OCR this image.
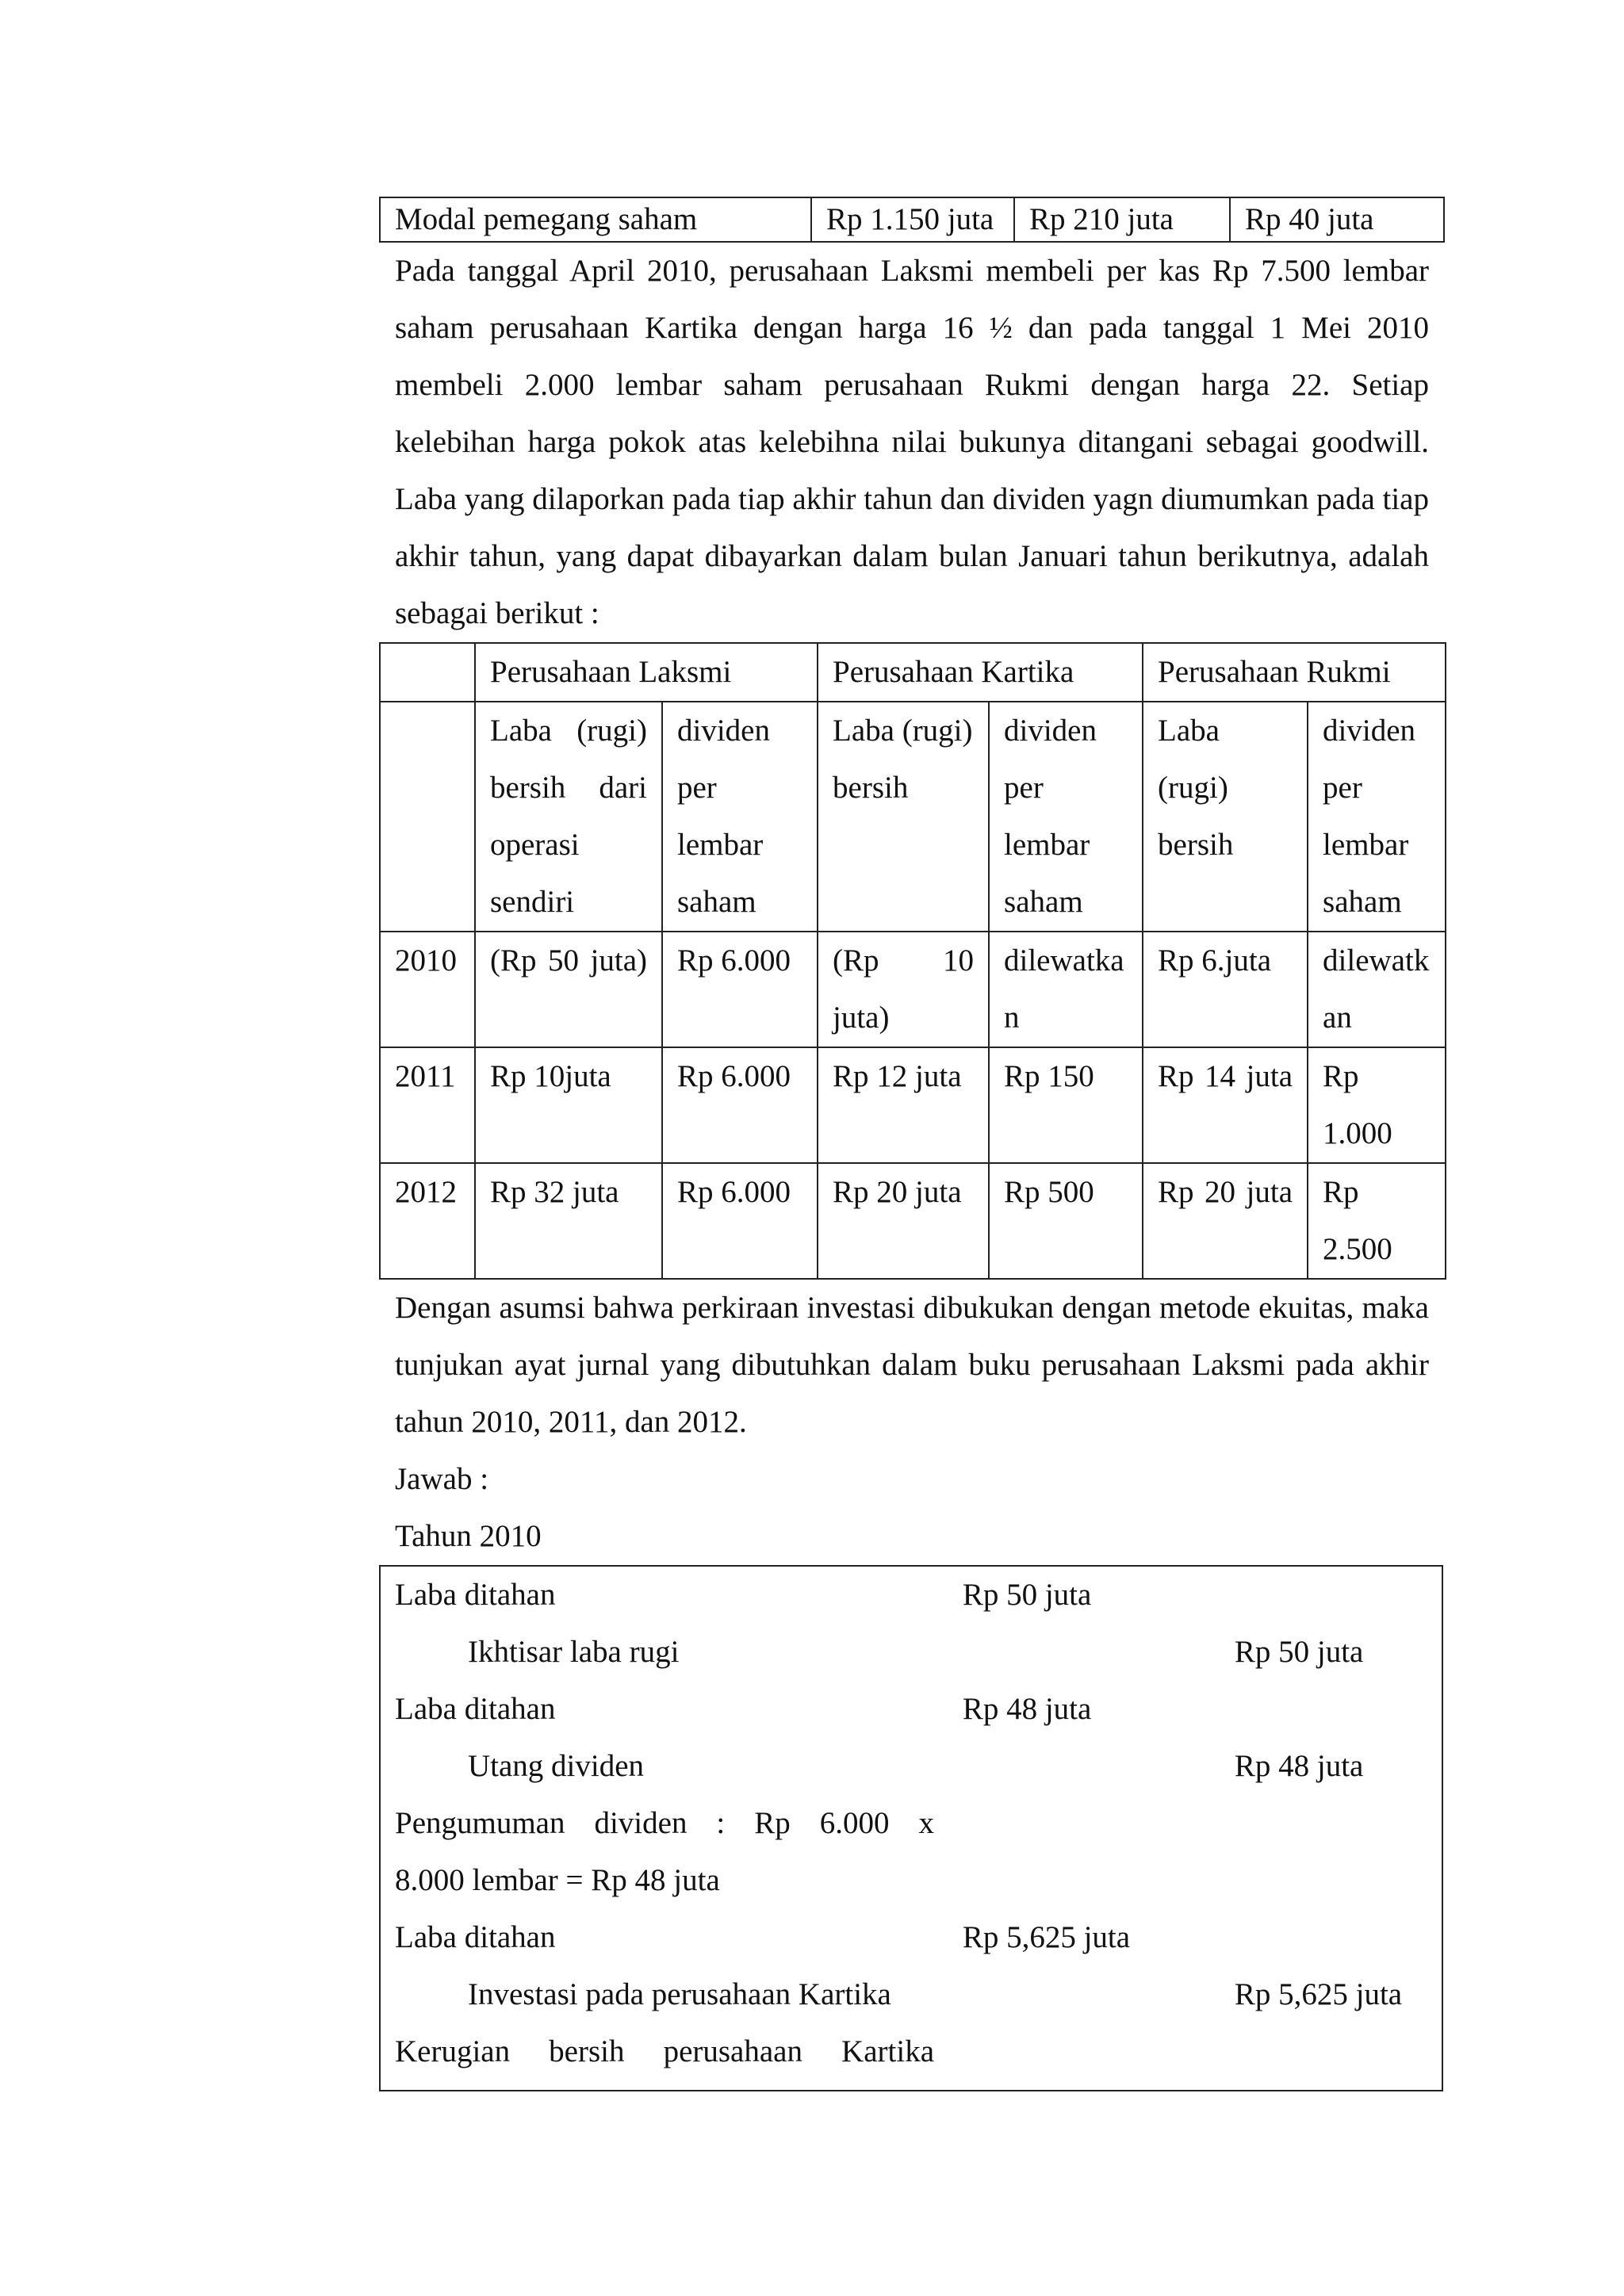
Modal pemegang saham	Rp 1.150 juta	Rp 210 juta	Rp 40 juta

Pada tanggal April 2010, perusahaan Laksmi membeli per kas Rp 7.500 lembar saham perusahaan Kartika dengan harga 16 ½ dan pada tanggal 1 Mei 2010 membeli 2.000 lembar saham perusahaan Rukmi dengan harga 22. Setiap kelebihan harga pokok atas kelebihna nilai bukunya ditangani sebagai goodwill. Laba yang dilaporkan pada tiap akhir tahun dan dividen yagn diumumkan pada tiap akhir tahun, yang dapat dibayarkan dalam bulan Januari tahun berikutnya, adalah sebagai berikut :

	Perusahaan Laksmi		Perusahaan Kartika		Perusahaan Rukmi	
	Laba (rugi) bersih dari operasi sendiri	dividen per lembar saham	Laba (rugi) bersih	dividen per lembar saham	Laba (rugi) bersih	dividen per lembar saham
2010	(Rp 50 juta)	Rp 6.000	(Rp 10 juta)	dilewatkan	Rp 6.juta	dilewatkan
2011	Rp 10juta	Rp 6.000	Rp 12 juta	Rp 150	Rp 14 juta	Rp 1.000
2012	Rp 32 juta	Rp 6.000	Rp 20 juta	Rp 500	Rp 20 juta	Rp 2.500

Dengan asumsi bahwa perkiraan investasi dibukukan dengan metode ekuitas, maka tunjukan ayat jurnal yang dibutuhkan dalam buku perusahaan Laksmi pada akhir tahun 2010, 2011, dan 2012.

Jawab :

Tahun 2010

Laba ditahan	Rp 50 juta
Ikhtisar laba rugi	Rp 50 juta
Laba ditahan	Rp 48 juta
Utang dividen	Rp 48 juta
Pengumuman dividen : Rp 6.000 x
8.000 lembar = Rp 48 juta
Laba ditahan	Rp 5,625 juta
Investasi pada perusahaan Kartika	Rp 5,625 juta
Kerugian bersih perusahaan Kartika
